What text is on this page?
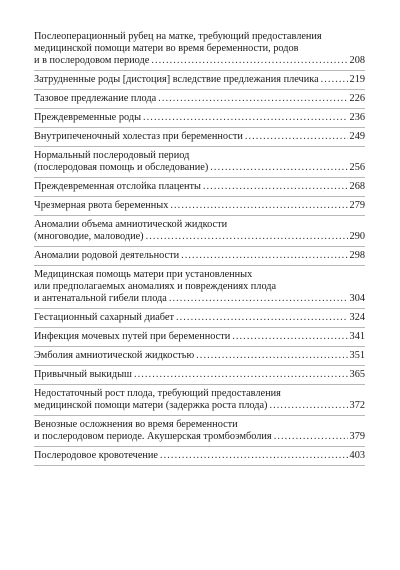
Послеоперационный рубец на матке, требующий предоставления
медицинской помощи матери во время беременности, родов
и в послеродовом периоде . . .	208
Затрудненные роды [дистоция] вследствие предлежания плечика . . .	219
Тазовое предлежание плода . . .	226
Преждевременные роды . . .	236
Внутрипеченочный холестаз при беременности . . .	249
Нормальный послеродовый период
(послеродовая помощь и обследование) . . .	256
Преждевременная отслойка плаценты . . .	268
Чрезмерная рвота беременных . . .	279
Аномалии объема амниотической жидкости
(многоводие, маловодие) . . .	290
Аномалии родовой деятельности . . .	298
Медицинская помощь матери при установленных
или предполагаемых аномалиях и повреждениях плода
и антенатальной гибели плода . . .	304
Гестационный сахарный диабет . . .	324
Инфекция мочевых путей при беременности . . .	341
Эмболия амниотической жидкостью . . .	351
Привычный выкидыш . . .	365
Недостаточный рост плода, требующий предоставления
медицинской помощи матери (задержка роста плода) . . .	372
Венозные осложнения во время беременности
и послеродовом периоде. Акушерская тромбоэмболия . . .	379
Послеродовое кровотечение . . .	403
